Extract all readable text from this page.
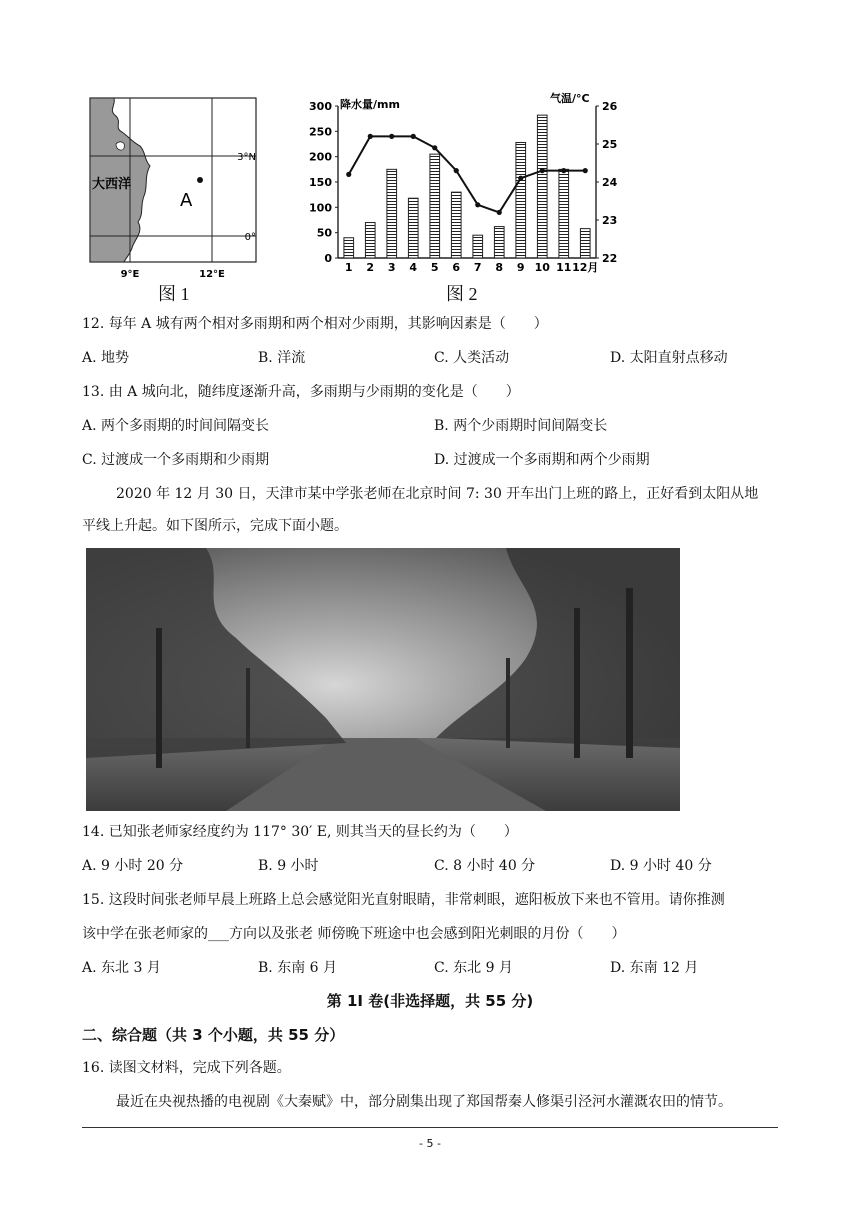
大西洋
A
3°N
0°
9°E	12°E
图 1
0
50
100
150
200
250
300
22
23
24
25
26
1 2 3 4 5 6 7 8 9 10 11 12月
降水量/mm	气温/°C
图 2
12. 每年 A 城有两个相对多雨期和两个相对少雨期，其影响因素是（　　）
A. 地势	B. 洋流	C. 人类活动	D. 太阳直射点移动
13. 由 A 城向北，随纬度逐渐升高，多雨期与少雨期的变化是（　　）
A. 两个多雨期的时间间隔变长	B. 两个少雨期时间间隔变长
C. 过渡成一个多雨期和少雨期	D. 过渡成一个多雨期和两个少雨期
2020 年 12 月 30 日，天津市某中学张老师在北京时间 7: 30 开车出门上班的路上，正好看到太阳从地
平线上升起。如下图所示，完成下面小题。
14. 已知张老师家经度约为 117° 30′ E, 则其当天的昼长约为（　　）
A. 9 小时 20 分	B. 9 小时	C. 8 小时 40 分	D. 9 小时 40 分
15. 这段时间张老师早晨上班路上总会感觉阳光直射眼睛，非常刺眼，遮阳板放下来也不管用。请你推测
该中学在张老师家的___方向以及张老 师傍晚下班途中也会感到阳光刺眼的月份（　　）
A. 东北 3 月	B. 东南 6 月	C. 东北 9 月	D. 东南 12 月
第 1I 卷(非选择题，共 55 分)
二、综合题（共 3 个小题，共 55 分）
16. 读图文材料，完成下列各题。
最近在央视热播的电视剧《大秦赋》中，部分剧集出现了郑国帮秦人修渠引泾河水灌溉农田的情节。
- 5 -
